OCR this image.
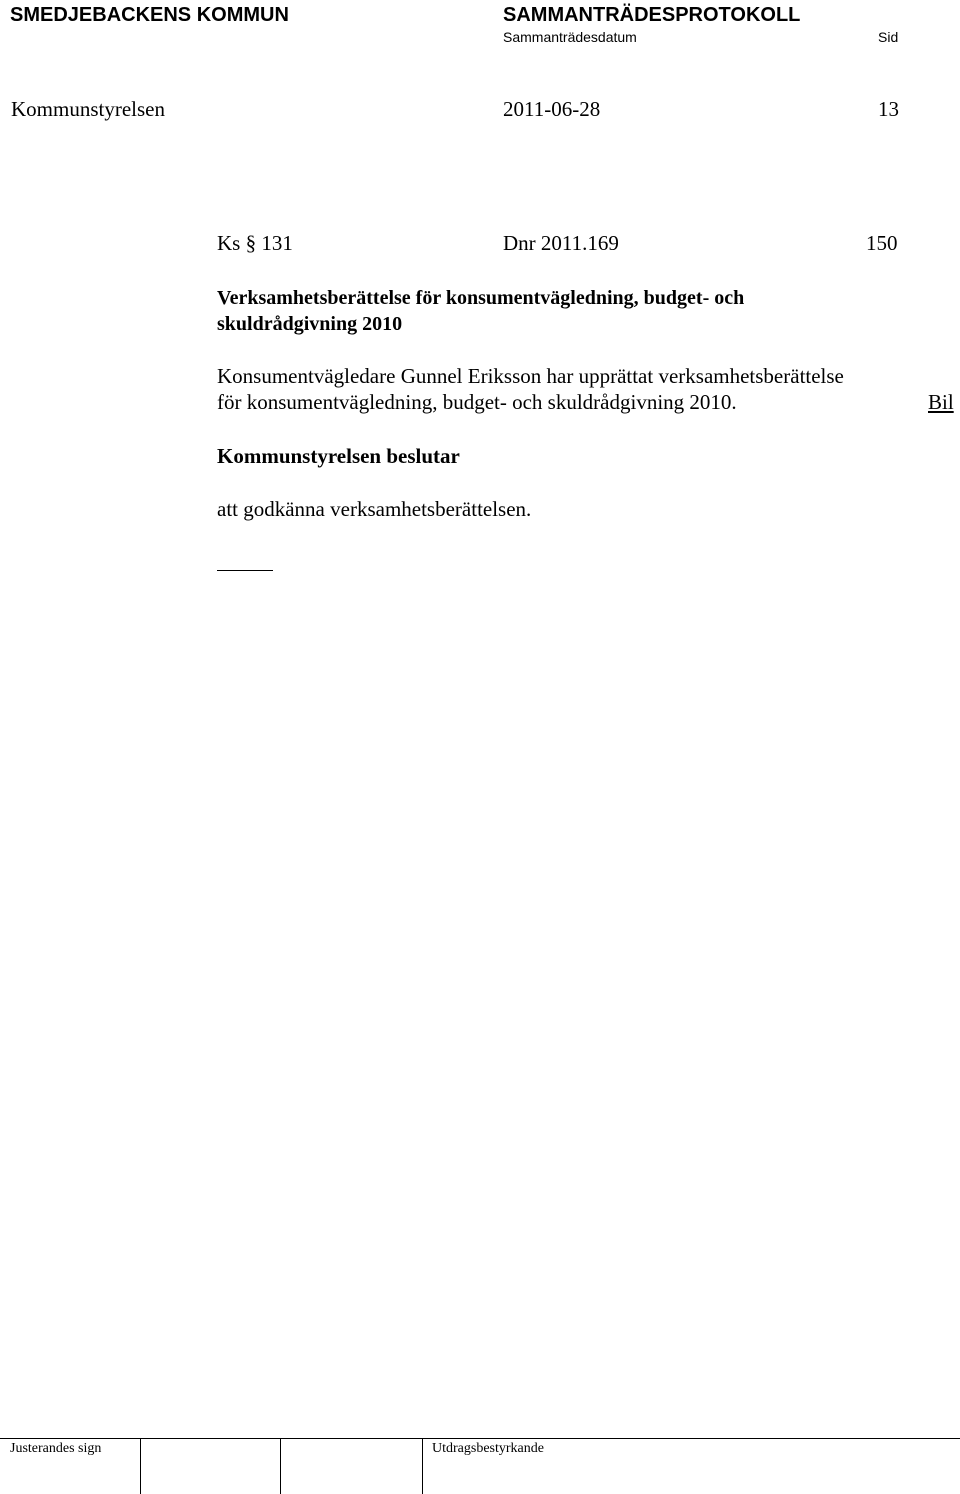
SMEDJEBACKENS KOMMUN	SAMMANTRÄDESPROTOKOLL
Sammanträdesdatum	Sid
Kommunstyrelsen	2011-06-28	13
Ks § 131	Dnr 2011.169	150
Verksamhetsberättelse för konsumentvägledning, budget- och skuldrådgivning 2010
Konsumentvägledare Gunnel Eriksson har upprättat verksamhetsberättelse
för konsumentvägledning, budget- och skuldrådgivning 2010.	Bil
Kommunstyrelsen beslutar
att godkänna verksamhetsberättelsen.
Justerandes sign	Utdragsbestyrkande
